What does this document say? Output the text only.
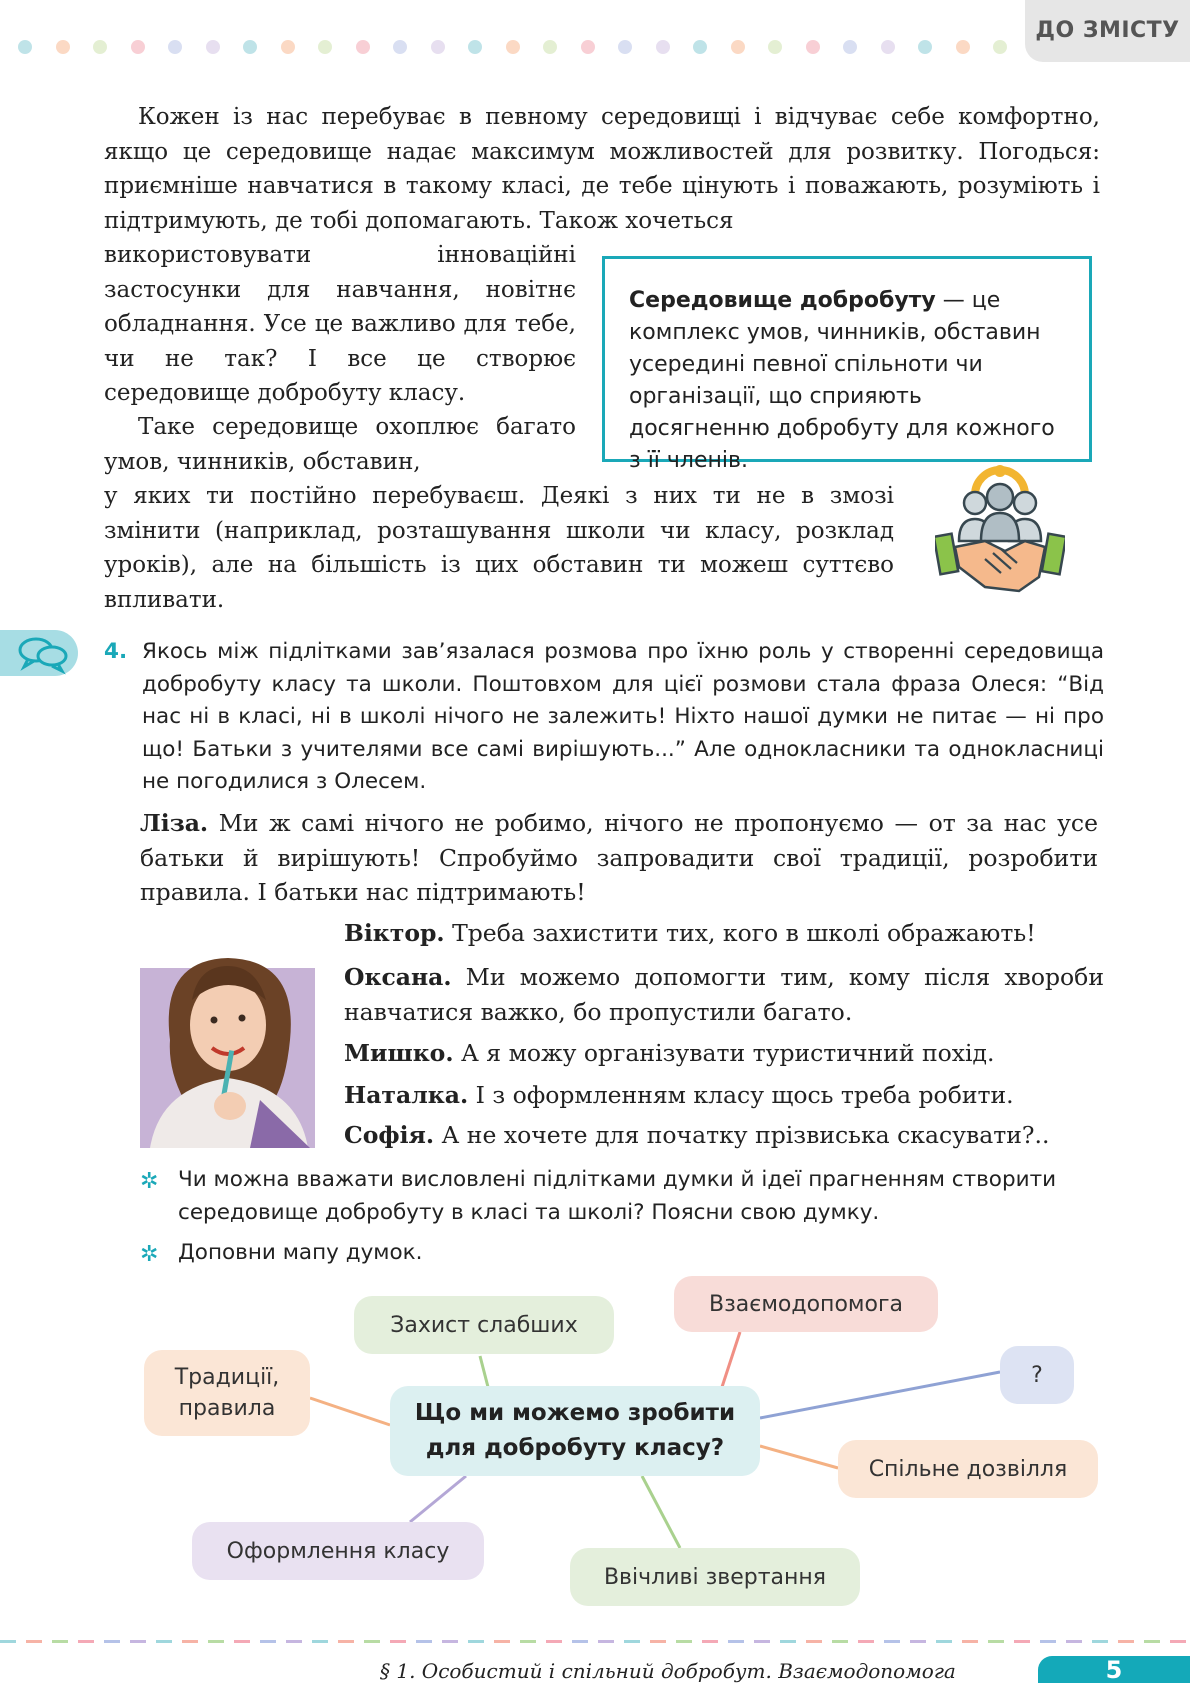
ДО ЗМІСТУ

Кожен із нас перебуває в певному середовищі і відчуває себе комфортно, якщо це середовище надає максимум можливостей для розвитку. Погодься: приємніше навчатися в такому класі, де тебе цінують і поважають, розуміють і підтримують, де тобі допомагають. Також хочеться

використовувати інноваційні застосунки для навчання, новітнє обладнання. Усе це важливо для тебе, чи не так? І все це створює середовище добробуту класу.

Таке середовище охоплює багато умов, чинників, обставин,

у яких ти постійно перебуваєш. Деякі з них ти не в змозі змінити (наприклад, розташування школи чи класу, розклад уроків), але на більшість із цих обставин ти можеш суттєво впливати.

Середовище добробуту — це комплекс умов, чинників, обставин усередині певної спільноти чи організації, що сприяють досягненню добробуту для кожного з її членів.
4. Якось між підлітками зав’язалася розмова про їхню роль у створенні середовища добробуту класу та школи. Поштовхом для цієї розмови стала фраза Олеся: “Від нас ні в класі, ні в школі нічого не залежить! Ніхто нашої думки не питає — ні про що! Батьки з учителями все самі вирішують...” Але однокласники та однокласниці не погодилися з Олесем.

Ліза. Ми ж самі нічого не робимо, нічого не пропонуємо — от за нас усе батьки й вирішують! Спробуймо запровадити свої традиції, розробити правила. І батьки нас підтримають!

Віктор. Треба захистити тих, кого в школі ображають!

Оксана. Ми можемо допомогти тим, кому після хвороби навчатися важко, бо пропустили багато.

Мишко. А я можу організувати туристичний похід.

Наталка. І з оформленням класу щось треба робити.

Софія. А не хочете для початку прізвиська скасувати?..

✲ Чи можна вважати висловлені підлітками думки й ідеї прагненням створити середовище добробуту в класі та школі? Поясни свою думку.
✲ Доповни мапу думок.
Захист слабших
Взаємодопомога
Традиції, правила
?
Що ми можемо зробити для добробуту класу?
Спільне дозвілля
Оформлення класу
Ввічливі звертання
§ 1. Особистий і спільний добробут. Взаємодопомога	5
